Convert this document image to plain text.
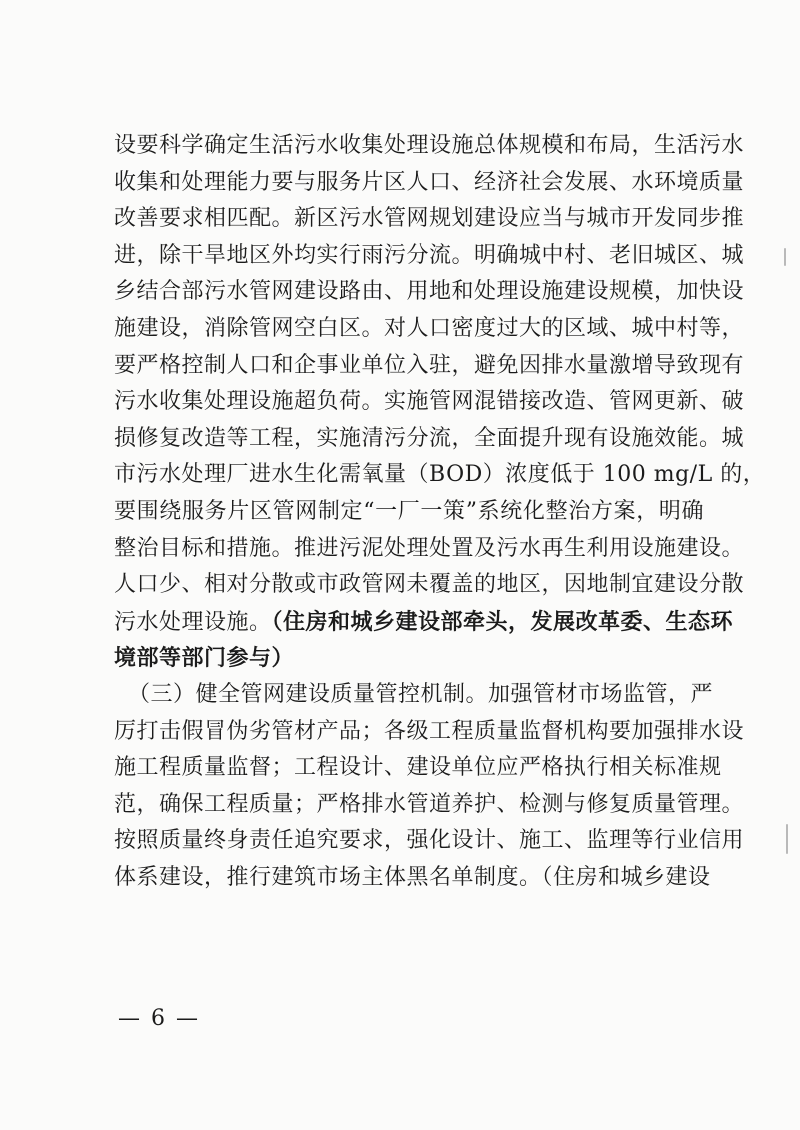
设要科学确定生活污水收集处理设施总体规模和布局，生活污水
收集和处理能力要与服务片区人口、经济社会发展、水环境质量
改善要求相匹配。新区污水管网规划建设应当与城市开发同步推
进，除干旱地区外均实行雨污分流。明确城中村、老旧城区、城
乡结合部污水管网建设路由、用地和处理设施建设规模，加快设
施建设，消除管网空白区。对人口密度过大的区域、城中村等，
要严格控制人口和企事业单位入驻，避免因排水量激增导致现有
污水收集处理设施超负荷。实施管网混错接改造、管网更新、破
损修复改造等工程，实施清污分流，全面提升现有设施效能。城
市污水处理厂进水生化需氧量（BOD）浓度低于 100 mg/L 的，
要围绕服务片区管网制定“一厂一策”系统化整治方案，明确
整治目标和措施。推进污泥处理处置及污水再生利用设施建设。
人口少、相对分散或市政管网未覆盖的地区，因地制宜建设分散
污水处理设施。（住房和城乡建设部牵头，发展改革委、生态环
境部等部门参与）
（三）健全管网建设质量管控机制。加强管材市场监管，严
厉打击假冒伪劣管材产品；各级工程质量监督机构要加强排水设
施工程质量监督；工程设计、建设单位应严格执行相关标准规
范，确保工程质量；严格排水管道养护、检测与修复质量管理。
按照质量终身责任追究要求，强化设计、施工、监理等行业信用
体系建设，推行建筑市场主体黑名单制度。（住房和城乡建设
— 6 —
